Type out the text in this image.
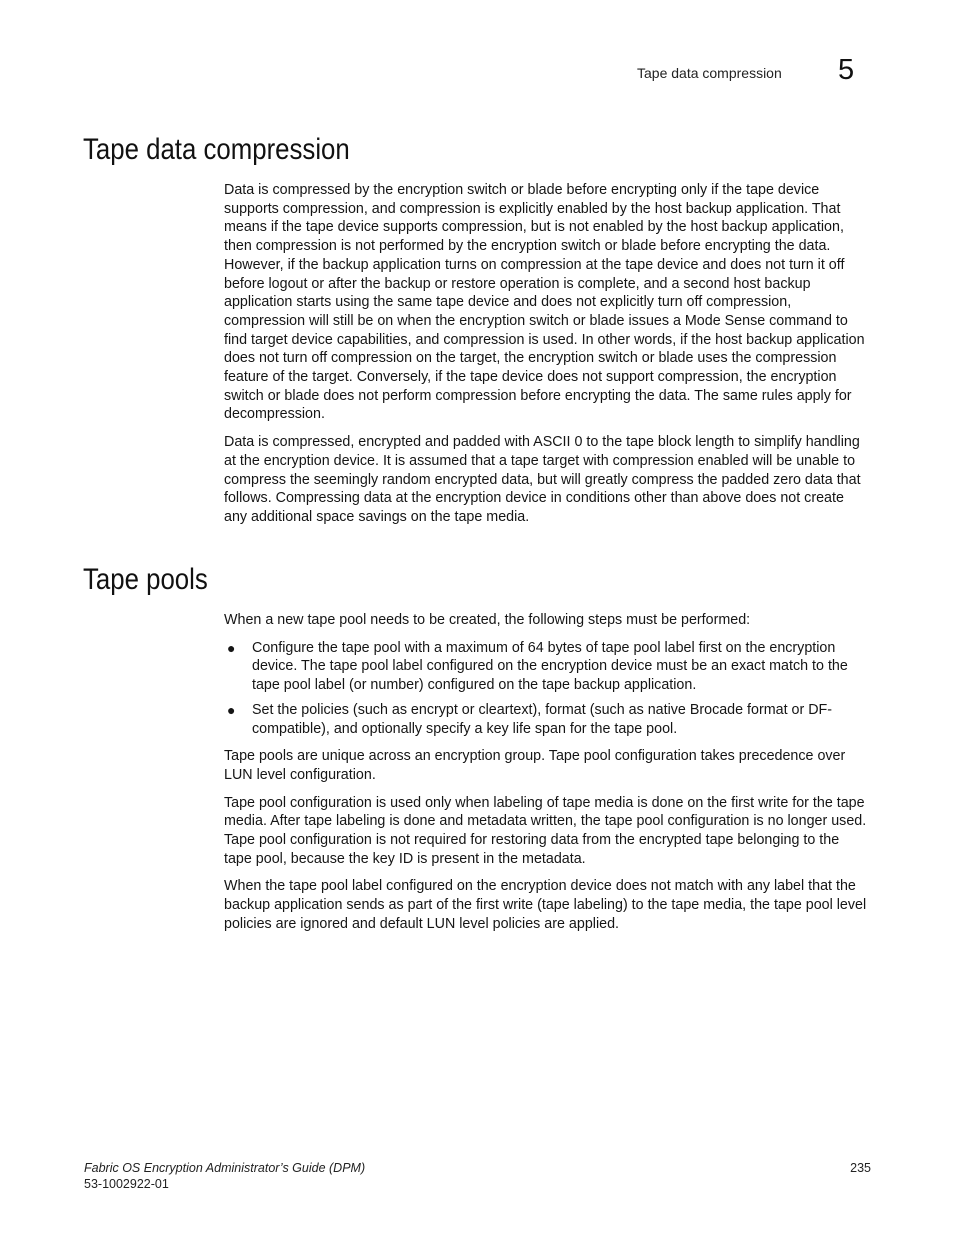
Tape data compression 5
Tape data compression

Data is compressed by the encryption switch or blade before encrypting only if the tape device supports compression, and compression is explicitly enabled by the host backup application. That means if the tape device supports compression, but is not enabled by the host backup application, then compression is not performed by the encryption switch or blade before encrypting the data. However, if the backup application turns on compression at the tape device and does not turn it off before logout or after the backup or restore operation is complete, and a second host backup application starts using the same tape device and does not explicitly turn off compression, compression will still be on when the encryption switch or blade issues a Mode Sense command to find target device capabilities, and compression is used. In other words, if the host backup application does not turn off compression on the target, the encryption switch or blade uses the compression feature of the target. Conversely, if the tape device does not support compression, the encryption switch or blade does not perform compression before encrypting the data. The same rules apply for decompression.

Data is compressed, encrypted and padded with ASCII 0 to the tape block length to simplify handling at the encryption device. It is assumed that a tape target with compression enabled will be unable to compress the seemingly random encrypted data, but will greatly compress the padded zero data that follows. Compressing data at the encryption device in conditions other than above does not create any additional space savings on the tape media.

Tape pools

When a new tape pool needs to be created, the following steps must be performed:

● Configure the tape pool with a maximum of 64 bytes of tape pool label first on the encryption device. The tape pool label configured on the encryption device must be an exact match to the tape pool label (or number) configured on the tape backup application.
● Set the policies (such as encrypt or cleartext), format (such as native Brocade format or DF-compatible), and optionally specify a key life span for the tape pool.

Tape pools are unique across an encryption group. Tape pool configuration takes precedence over LUN level configuration.

Tape pool configuration is used only when labeling of tape media is done on the first write for the tape media. After tape labeling is done and metadata written, the tape pool configuration is no longer used. Tape pool configuration is not required for restoring data from the encrypted tape belonging to the tape pool, because the key ID is present in the metadata.

When the tape pool label configured on the encryption device does not match with any label that the backup application sends as part of the first write (tape labeling) to the tape media, the tape pool level policies are ignored and default LUN level policies are applied.

Fabric OS Encryption Administrator’s Guide (DPM)
53-1002922-01
235
